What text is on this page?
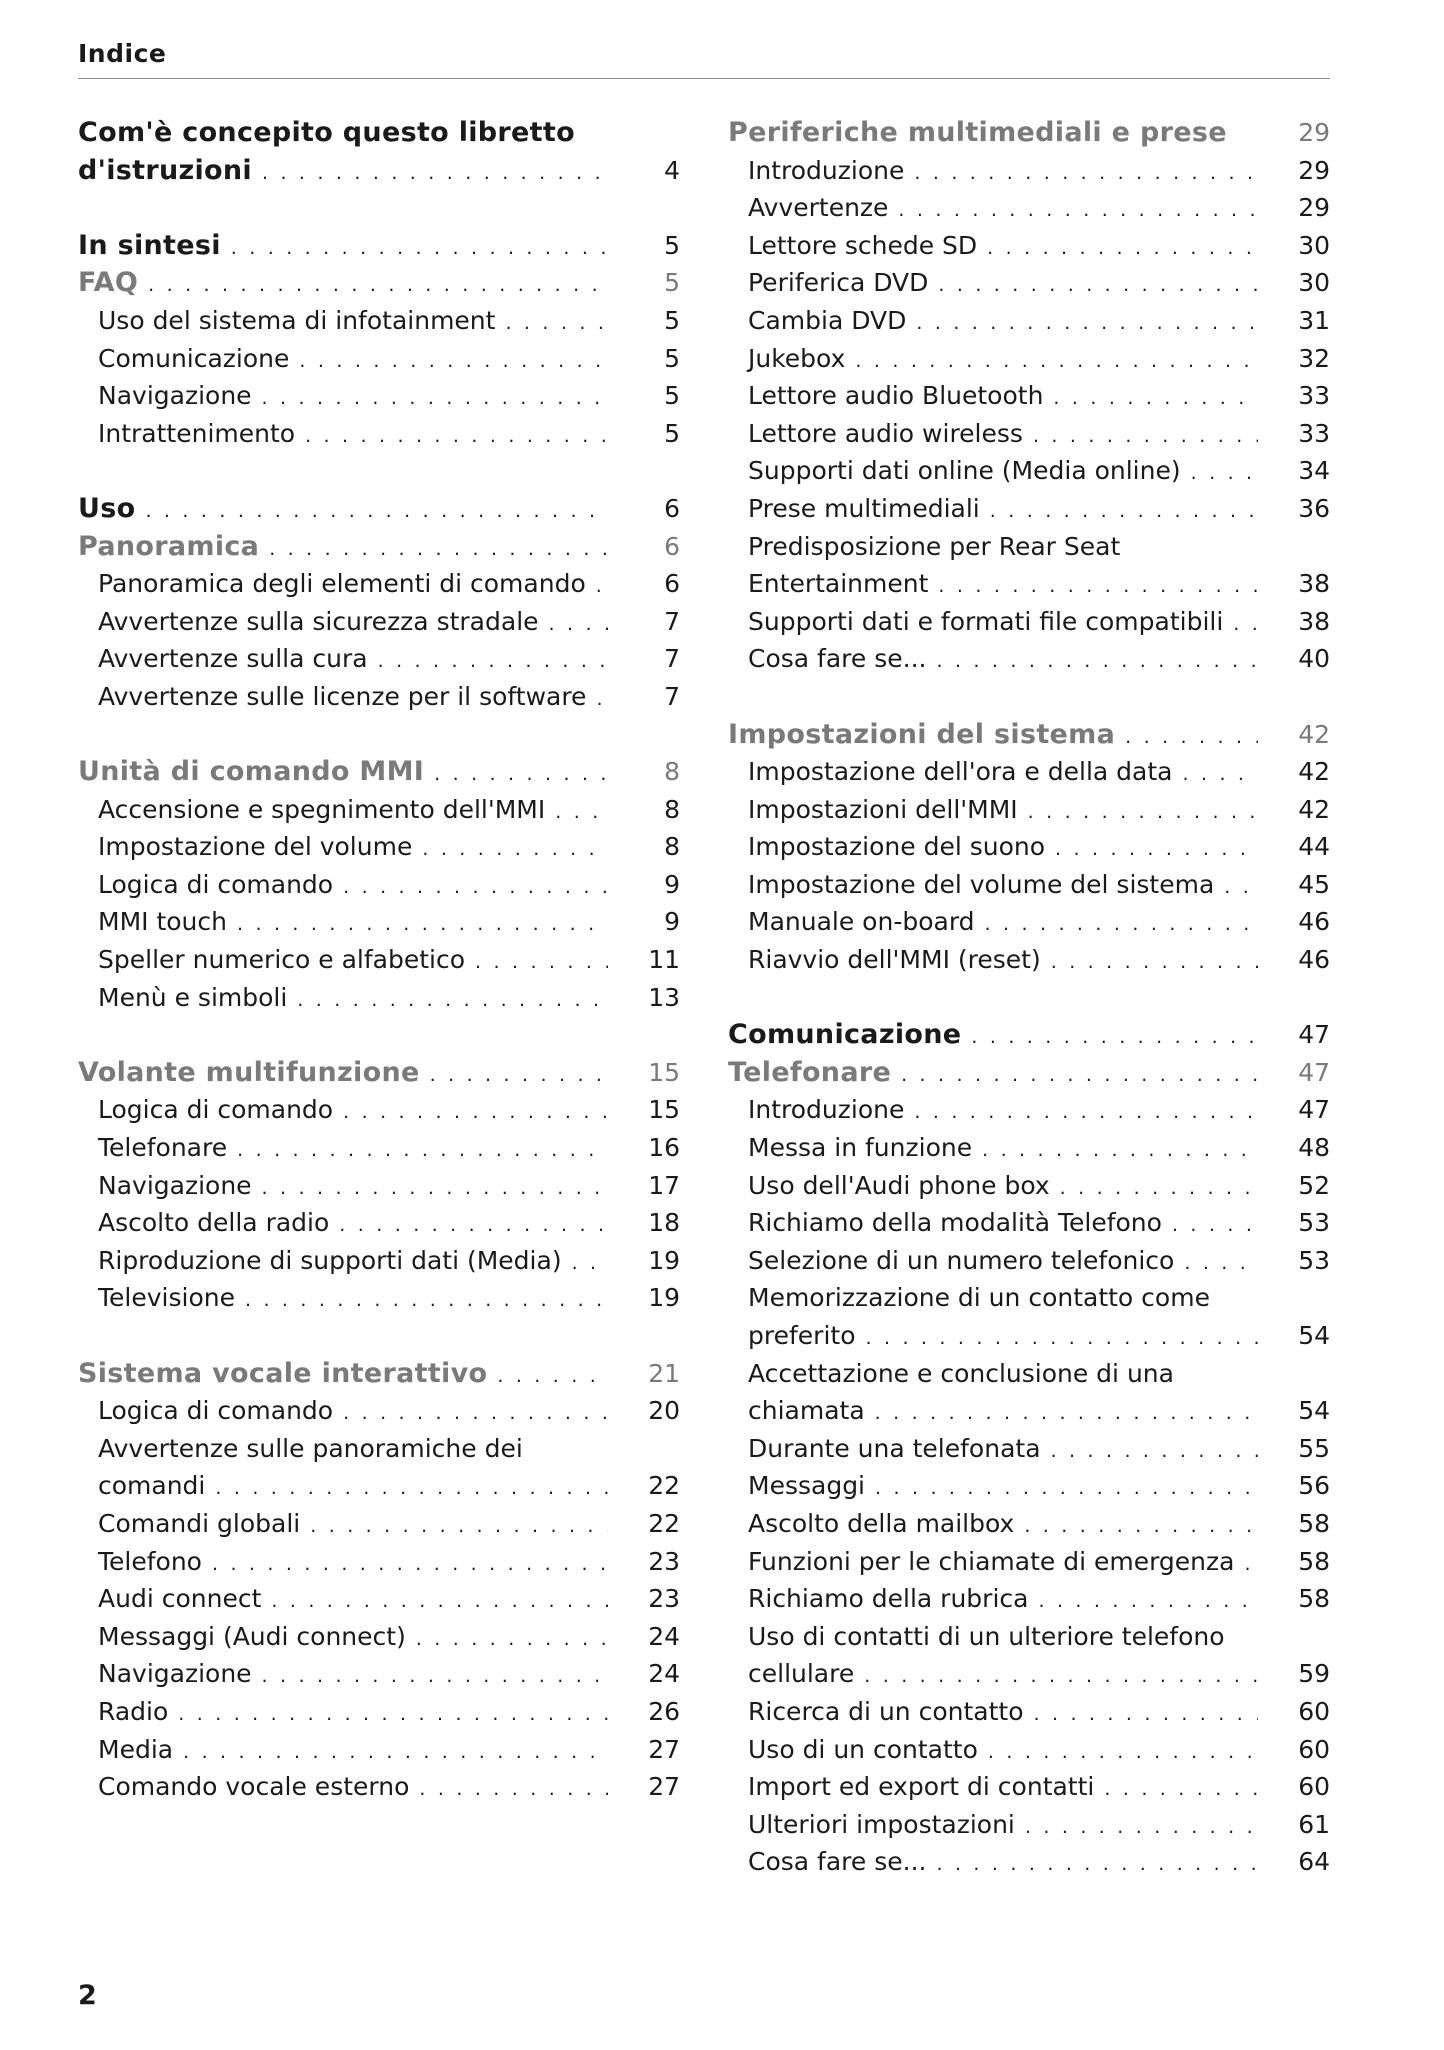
Indice
Com'è concepito questo libretto
d'istruzioni . . .	4
In sintesi . . .	5
FAQ . . .	5
Uso del sistema di infotainment . . .	5
Comunicazione . . .	5
Navigazione . . .	5
Intrattenimento . . .	5
Uso . . .	6
Panoramica . . .	6
Panoramica degli elementi di comando . . .	6
Avvertenze sulla sicurezza stradale . . .	7
Avvertenze sulla cura . . .	7
Avvertenze sulle licenze per il software . . .	7
Unità di comando MMI . . .	8
Accensione e spegnimento dell'MMI . . .	8
Impostazione del volume . . .	8
Logica di comando . . .	9
MMI touch . . .	9
Speller numerico e alfabetico . . .	11
Menù e simboli . . .	13
Volante multifunzione . . .	15
Logica di comando . . .	15
Telefonare . . .	16
Navigazione . . .	17
Ascolto della radio . . .	18
Riproduzione di supporti dati (Media) . . .	19
Televisione . . .	19
Sistema vocale interattivo . . .	21
Logica di comando . . .	20
Avvertenze sulle panoramiche dei
comandi . . .	22
Comandi globali . . .	22
Telefono . . .	23
Audi connect . . .	23
Messaggi (Audi connect) . . .	24
Navigazione . . .	24
Radio . . .	26
Media . . .	27
Comando vocale esterno . . .	27
Periferiche multimediali e prese	29
Introduzione . . .	29
Avvertenze . . .	29
Lettore schede SD . . .	30
Periferica DVD . . .	30
Cambia DVD . . .	31
Jukebox . . .	32
Lettore audio Bluetooth . . .	33
Lettore audio wireless . . .	33
Supporti dati online (Media online) . . .	34
Prese multimediali . . .	36
Predisposizione per Rear Seat
Entertainment . . .	38
Supporti dati e formati file compatibili . . .	38
Cosa fare se... . . .	40
Impostazioni del sistema . . .	42
Impostazione dell'ora e della data . . .	42
Impostazioni dell'MMI . . .	42
Impostazione del suono . . .	44
Impostazione del volume del sistema . . .	45
Manuale on-board . . .	46
Riavvio dell'MMI (reset) . . .	46
Comunicazione . . .	47
Telefonare . . .	47
Introduzione . . .	47
Messa in funzione . . .	48
Uso dell'Audi phone box . . .	52
Richiamo della modalità Telefono . . .	53
Selezione di un numero telefonico . . .	53
Memorizzazione di un contatto come
preferito . . .	54
Accettazione e conclusione di una
chiamata . . .	54
Durante una telefonata . . .	55
Messaggi . . .	56
Ascolto della mailbox . . .	58
Funzioni per le chiamate di emergenza . . .	58
Richiamo della rubrica . . .	58
Uso di contatti di un ulteriore telefono
cellulare . . .	59
Ricerca di un contatto . . .	60
Uso di un contatto . . .	60
Import ed export di contatti . . .	60
Ulteriori impostazioni . . .	61
Cosa fare se... . . .	64
2
